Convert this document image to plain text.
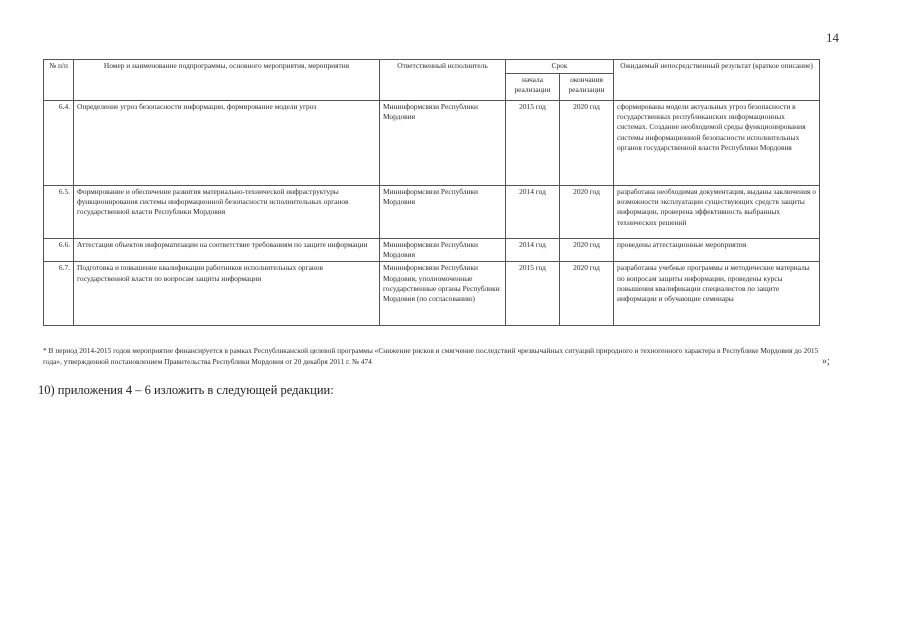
14
№ п/п	Номер и наименование подпрограммы, основного мероприятия, мероприятия	Ответственный исполнитель	Срок		Ожидаемый непосредственный результат (краткое описание)
			начала реализации	окончания реализации	
6.4.	Определение угроз безопасности информации, формирование модели угроз	Мининформсвязи Республики Мордовия	2015 год	2020 год	сформированы модели актуальных угроз безопасности в государственных республиканских информационных системах. Создание необходимой среды функционирования системы информационной безопасности исполнительных органов государственной власти Республики Мордовия
6.5.	Формирование и обеспечение развития материально-технической инфраструктуры функционирования системы информационной безопасности исполнительных органов государственной власти Республики Мордовия	Мининформсвязи Республики Мордовия	2014 год	2020 год	разработана необходимая документация, выданы заключения о возможности эксплуатации существующих средств защиты информации, проверена эффективность выбранных технических решений
6.6.	Аттестация объектов информатизации на соответствие требованиям по защите информации	Мининформсвязи Республики Мордовия	2014 год	2020 год	проведены аттестационные мероприятия
6.7.	Подготовка и повышение квалификации работников исполнительных органов государственной власти по вопросам защиты информации	Мининформсвязи Республики Мордовия, уполномоченные государственные органы Республики Мордовия (по согласованию)	2015 год	2020 год	разработаны учебные программы и методические материалы по вопросам защиты информации, проведены курсы повышения квалификации специалистов по защите информации и обучающие семинары
* В период 2014-2015 годов мероприятие финансируется в рамках Республиканской целевой программы «Снижение рисков и смягчение последствий чрезвычайных ситуаций природного и техногенного характера в Республике Мордовия до 2015 года», утвержденной постановлением Правительства Республики Мордовия от 20 декабря 2011 г. № 474	»;
10) приложения 4 – 6 изложить в следующей редакции:
